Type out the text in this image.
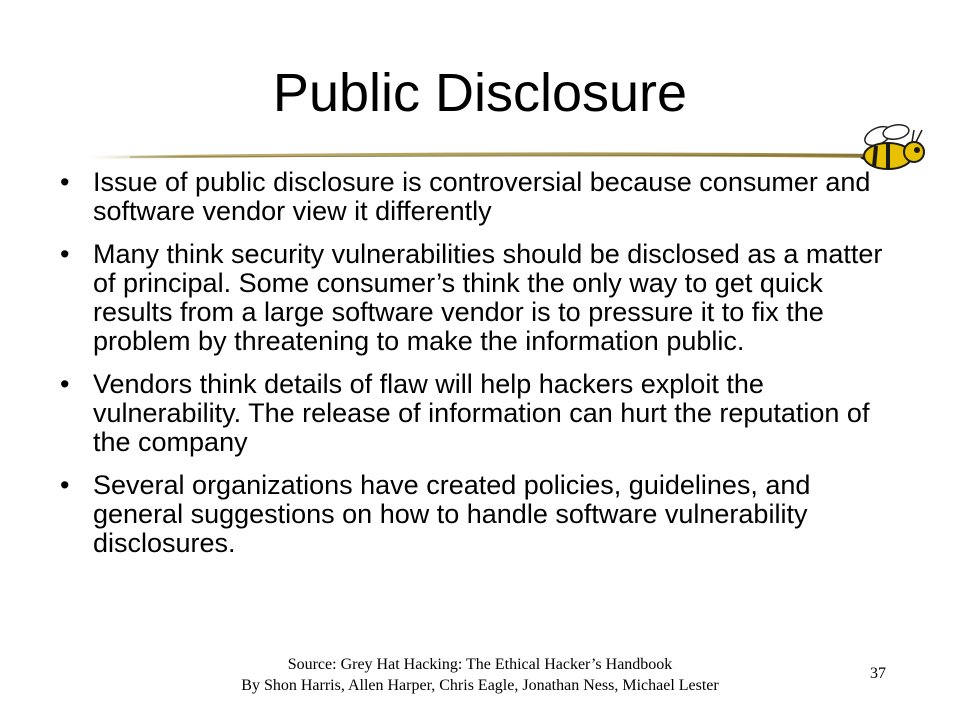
Public Disclosure
• Issue of public disclosure is controversial because consumer and software vendor view it differently
• Many think security vulnerabilities should be disclosed as a matter of principal. Some consumer’s think the only way to get quick results from a large software vendor is to pressure it to fix the problem by threatening to make the information public.
• Vendors think details of flaw will help hackers exploit the vulnerability. The release of information can hurt the reputation of the company
• Several organizations have created policies, guidelines, and general suggestions on how to handle software vulnerability disclosures.
Source: Grey Hat Hacking: The Ethical Hacker’s Handbook
By Shon Harris, Allen Harper, Chris Eagle, Jonathan Ness, Michael Lester
37
